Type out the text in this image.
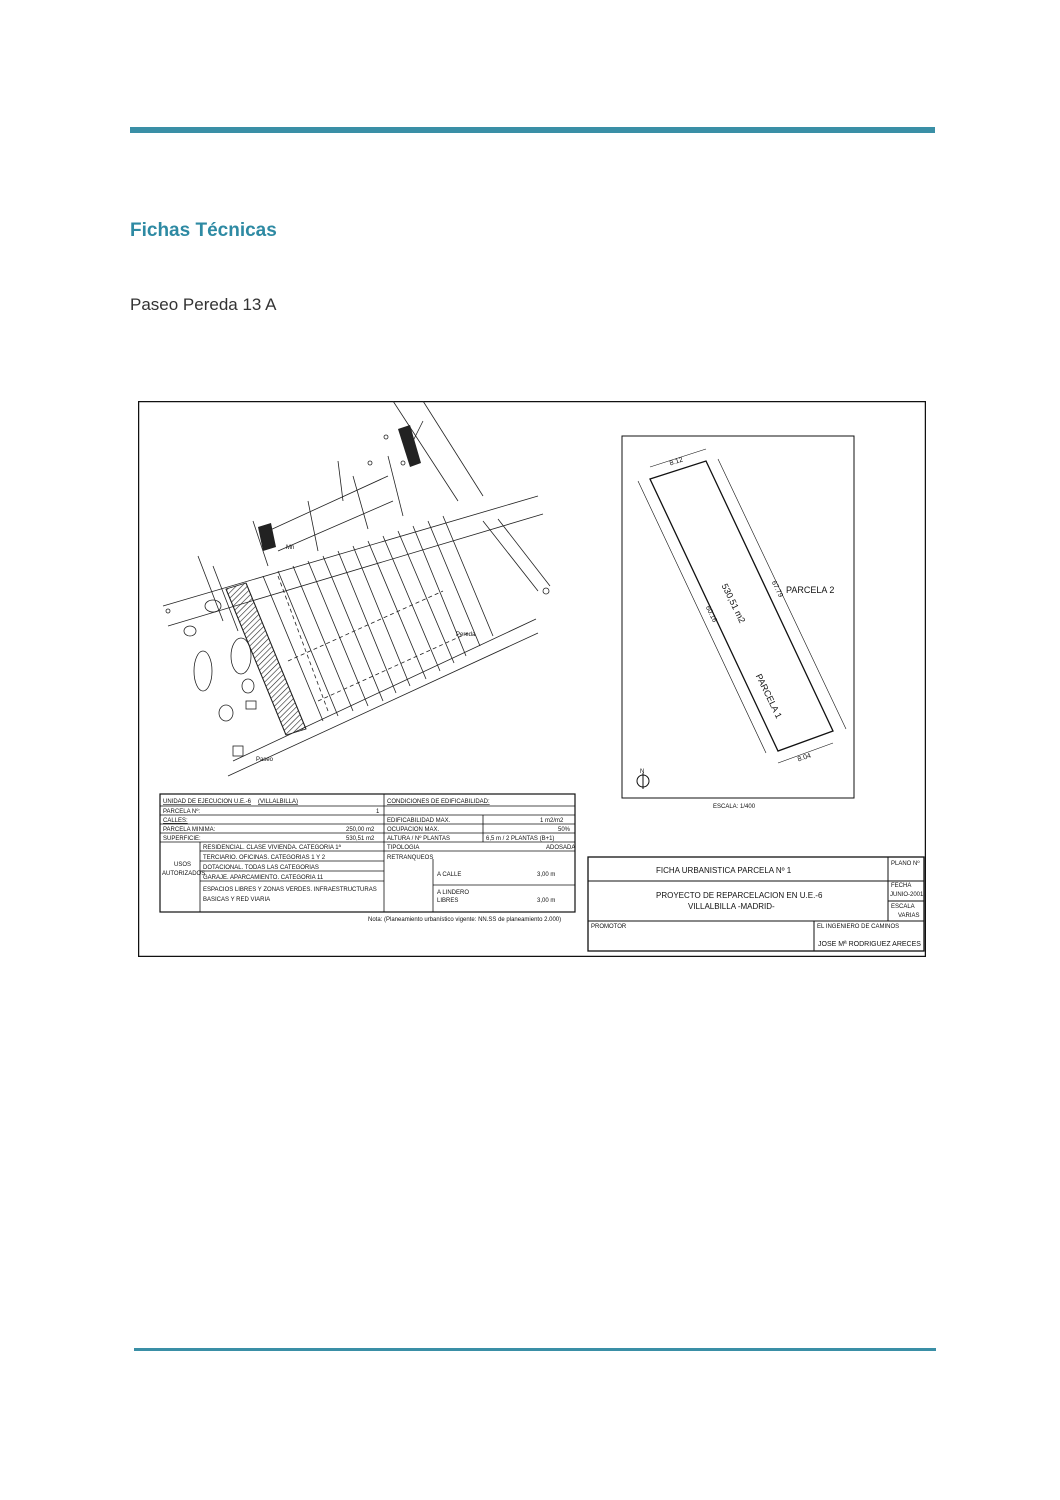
Fichas Técnicas
Paseo Pereda 13 A
Mn
Paseo
Pereda
8.12
8.04
60.16
67.79
530,51 m2
PARCELA 1
PARCELA 2
N
ESCALA: 1/400
UNIDAD DE EJECUCION U.E.-6 (VILLALBILLA)
PARCELA Nº:	1
CALLES:
PARCELA MINIMA:	250,00 m2
SUPERFICIE:	530,51 m2
USOS
AUTORIZADOS
RESIDENCIAL. CLASE VIVIENDA. CATEGORIA 1ª
TERCIARIO. OFICINAS. CATEGORIAS 1 Y 2
DOTACIONAL. TODAS LAS CATEGORIAS
GARAJE. APARCAMIENTO. CATEGORIA 11
ESPACIOS LIBRES Y ZONAS VERDES. INFRAESTRUCTURAS
BASICAS Y RED VIARIA
CONDICIONES DE EDIFICABILIDAD:
EDIFICABILIDAD MAX.	1 m2/m2
OCUPACION MAX.	50%
ALTURA / Nº PLANTAS	6,5 m / 2 PLANTAS (B+1)
TIPOLOGIA	ADOSADA
RETRANQUEOS
A CALLE	3,00 m
A LINDERO
LIBRES	3,00 m
Nota: (Planeamiento urbanístico vigente: NN.SS de planeamiento 2.000)
FICHA URBANISTICA PARCELA Nº 1
PROYECTO DE REPARCELACION EN U.E.-6
VILLALBILLA -MADRID-
PLANO Nº
FECHA
JUNIO-2001
ESCALA
VARIAS
PROMOTOR	EL INGENIERO DE CAMINOS
JOSE Mª RODRIGUEZ ARECES
